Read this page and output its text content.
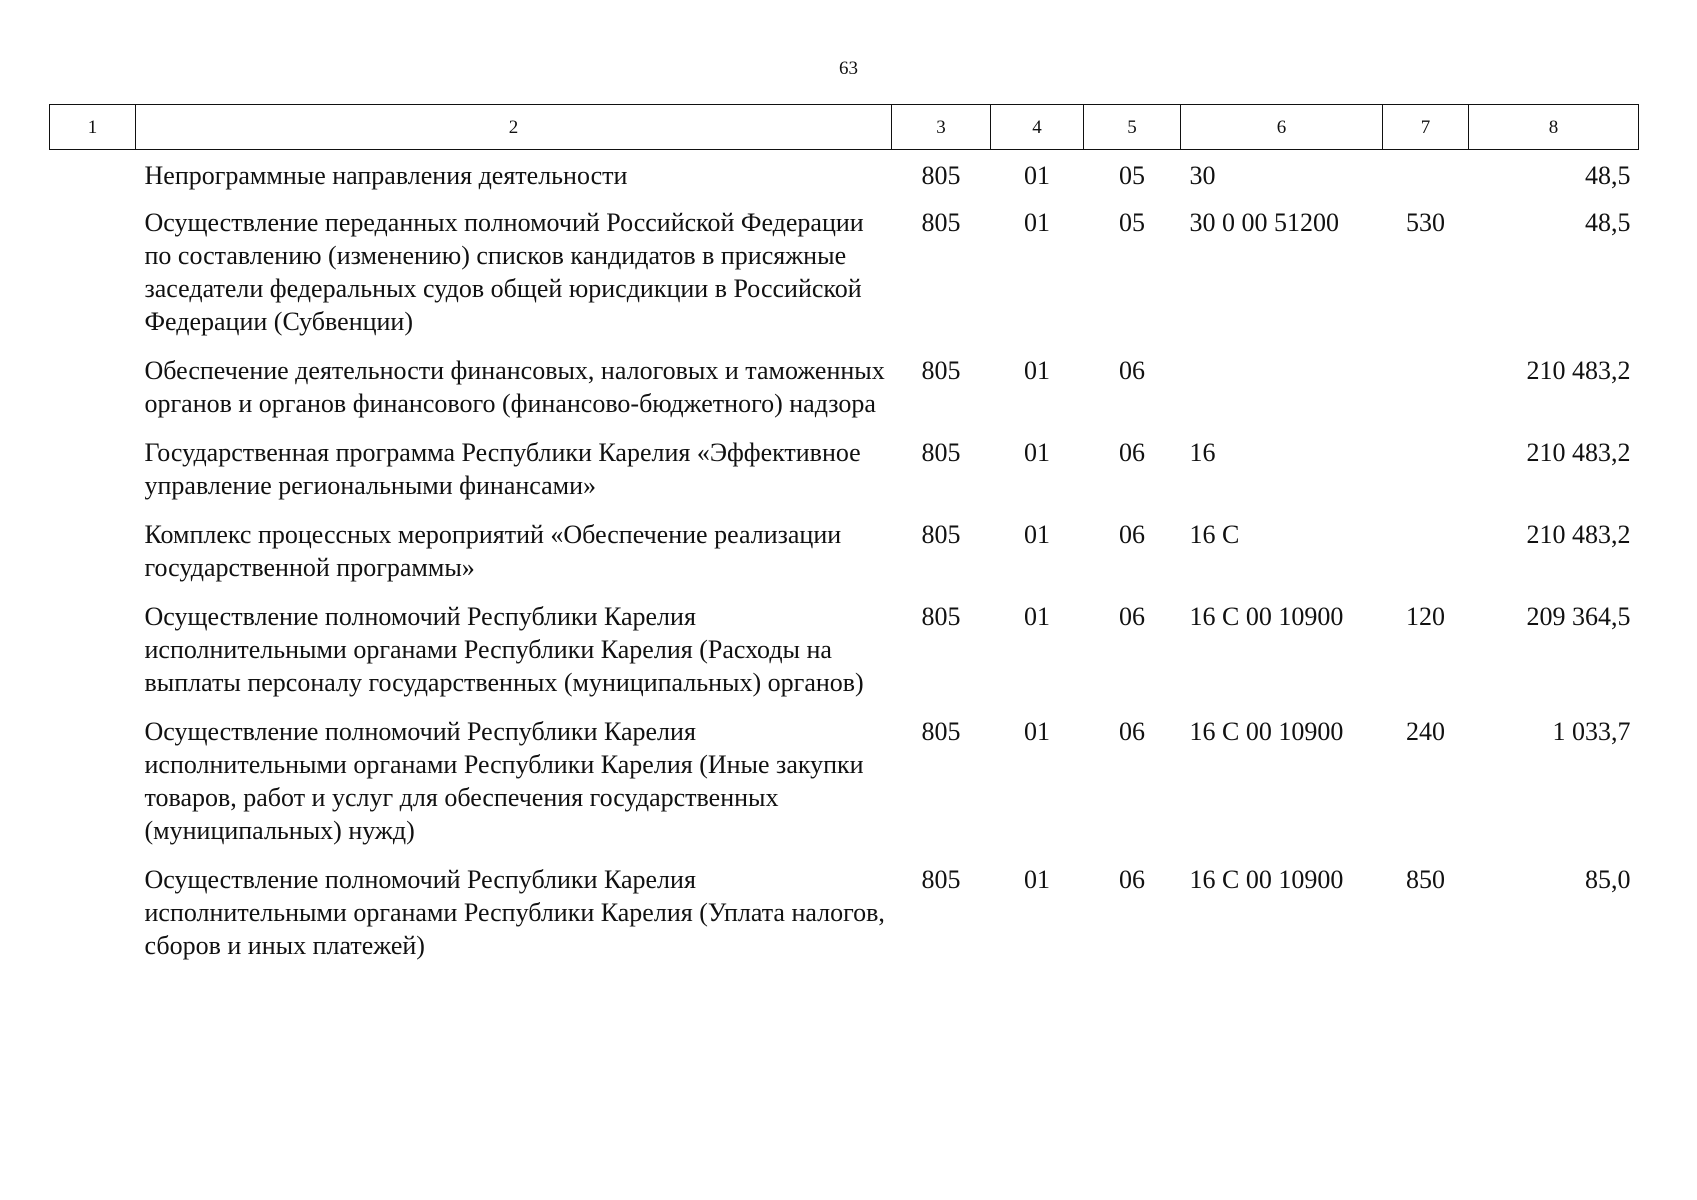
63
1	2	3	4	5	6	7	8
	Непрограммные направления деятельности	805	01	05	30		48,5
	Осуществление переданных полномочий Российской Федерации по составлению (изменению) списков кандидатов в присяжные заседатели федеральных судов общей юрисдикции в Российской Федерации (Субвенции)	805	01	05	30 0 00 51200	530	48,5
	Обеспечение деятельности финансовых, налоговых и таможенных органов и органов финансового (финансово-бюджетного) надзора	805	01	06			210 483,2
	Государственная программа Республики Карелия «Эффективное управление региональными финансами»	805	01	06	16		210 483,2
	Комплекс процессных мероприятий «Обеспечение реализации государственной программы»	805	01	06	16 С		210 483,2
	Осуществление полномочий Республики Карелия исполнительными органами Республики Карелия (Расходы на выплаты персоналу государственных (муниципальных) органов)	805	01	06	16 С 00 10900	120	209 364,5
	Осуществление полномочий Республики Карелия исполнительными органами Республики Карелия (Иные закупки товаров, работ и услуг для обеспечения государственных (муниципальных) нужд)	805	01	06	16 С 00 10900	240	1 033,7
	Осуществление полномочий Республики Карелия исполнительными органами Республики Карелия (Уплата налогов, сборов и иных платежей)	805	01	06	16 С 00 10900	850	85,0
